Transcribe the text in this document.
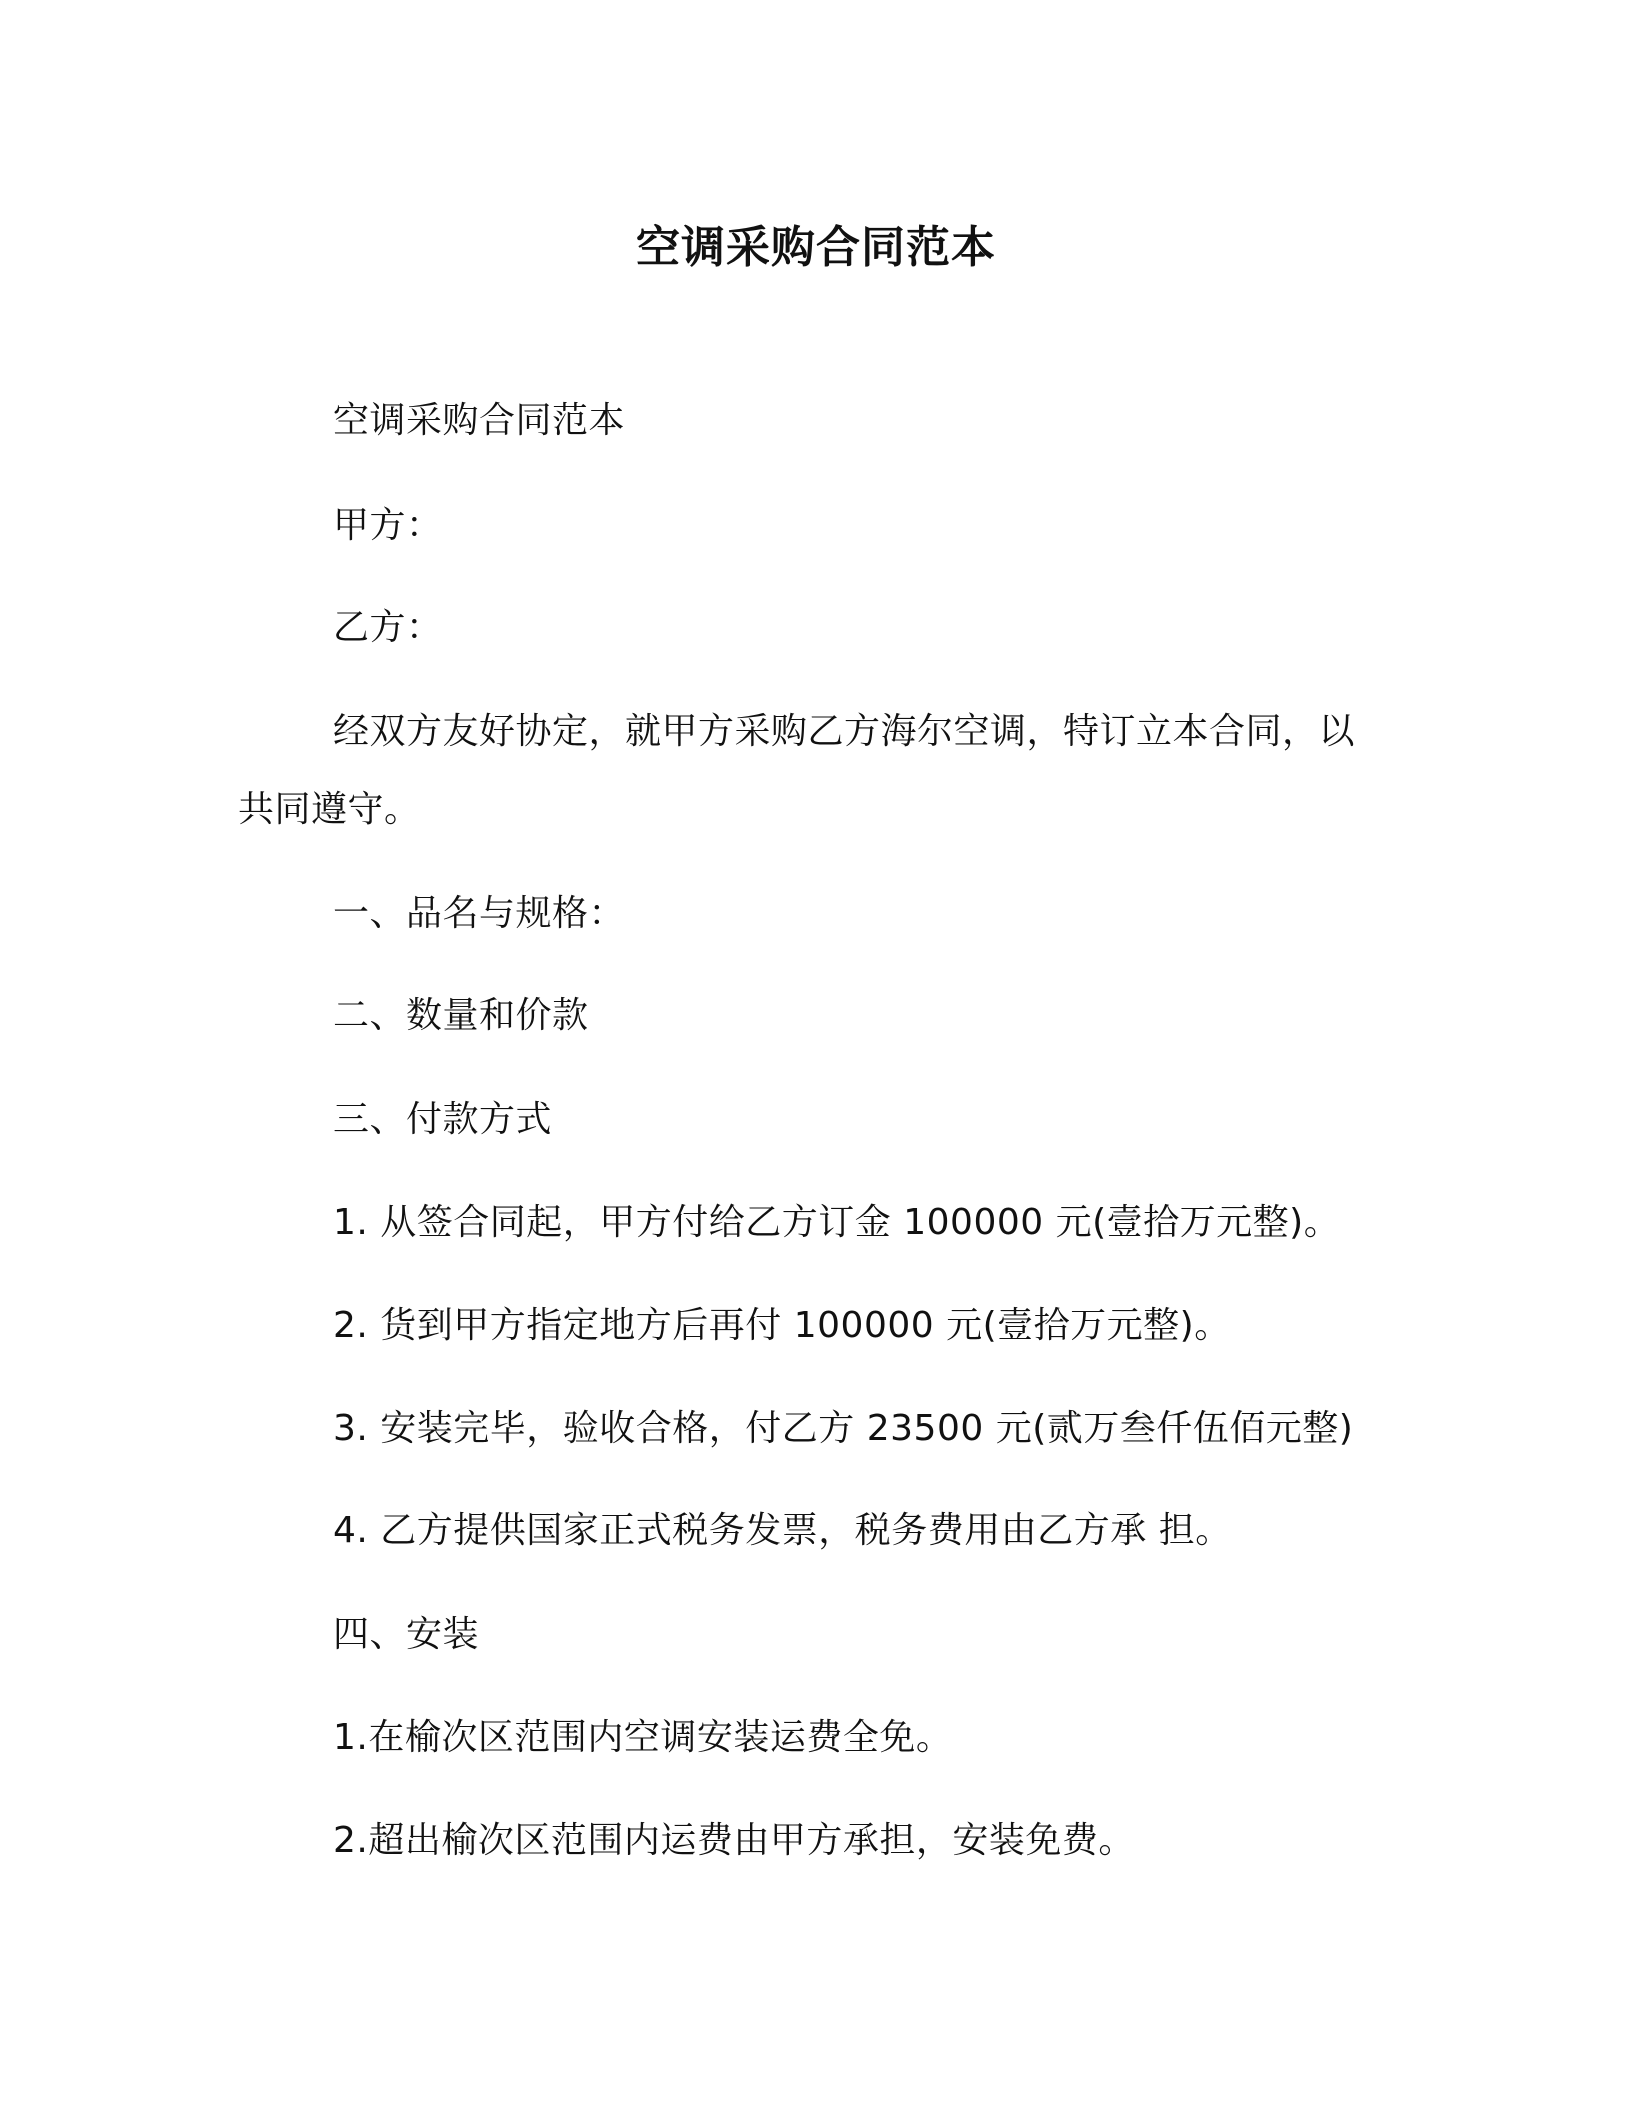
空调采购合同范本
空调采购合同范本
甲方：
乙方：
经双方友好协定，就甲方采购乙方海尔空调，特订立本合同，以
共同遵守。
一、品名与规格：
二、数量和价款
三、付款方式
1. 从签合同起，甲方付给乙方订金 100000 元(壹拾万元整)。
2. 货到甲方指定地方后再付 100000 元(壹拾万元整)。
3. 安装完毕，验收合格，付乙方 23500 元(贰万叁仟伍佰元整)
4. 乙方提供国家正式税务发票，税务费用由乙方承 担。
四、安装
1.在榆次区范围内空调安装运费全免。
2.超出榆次区范围内运费由甲方承担，安装免费。
